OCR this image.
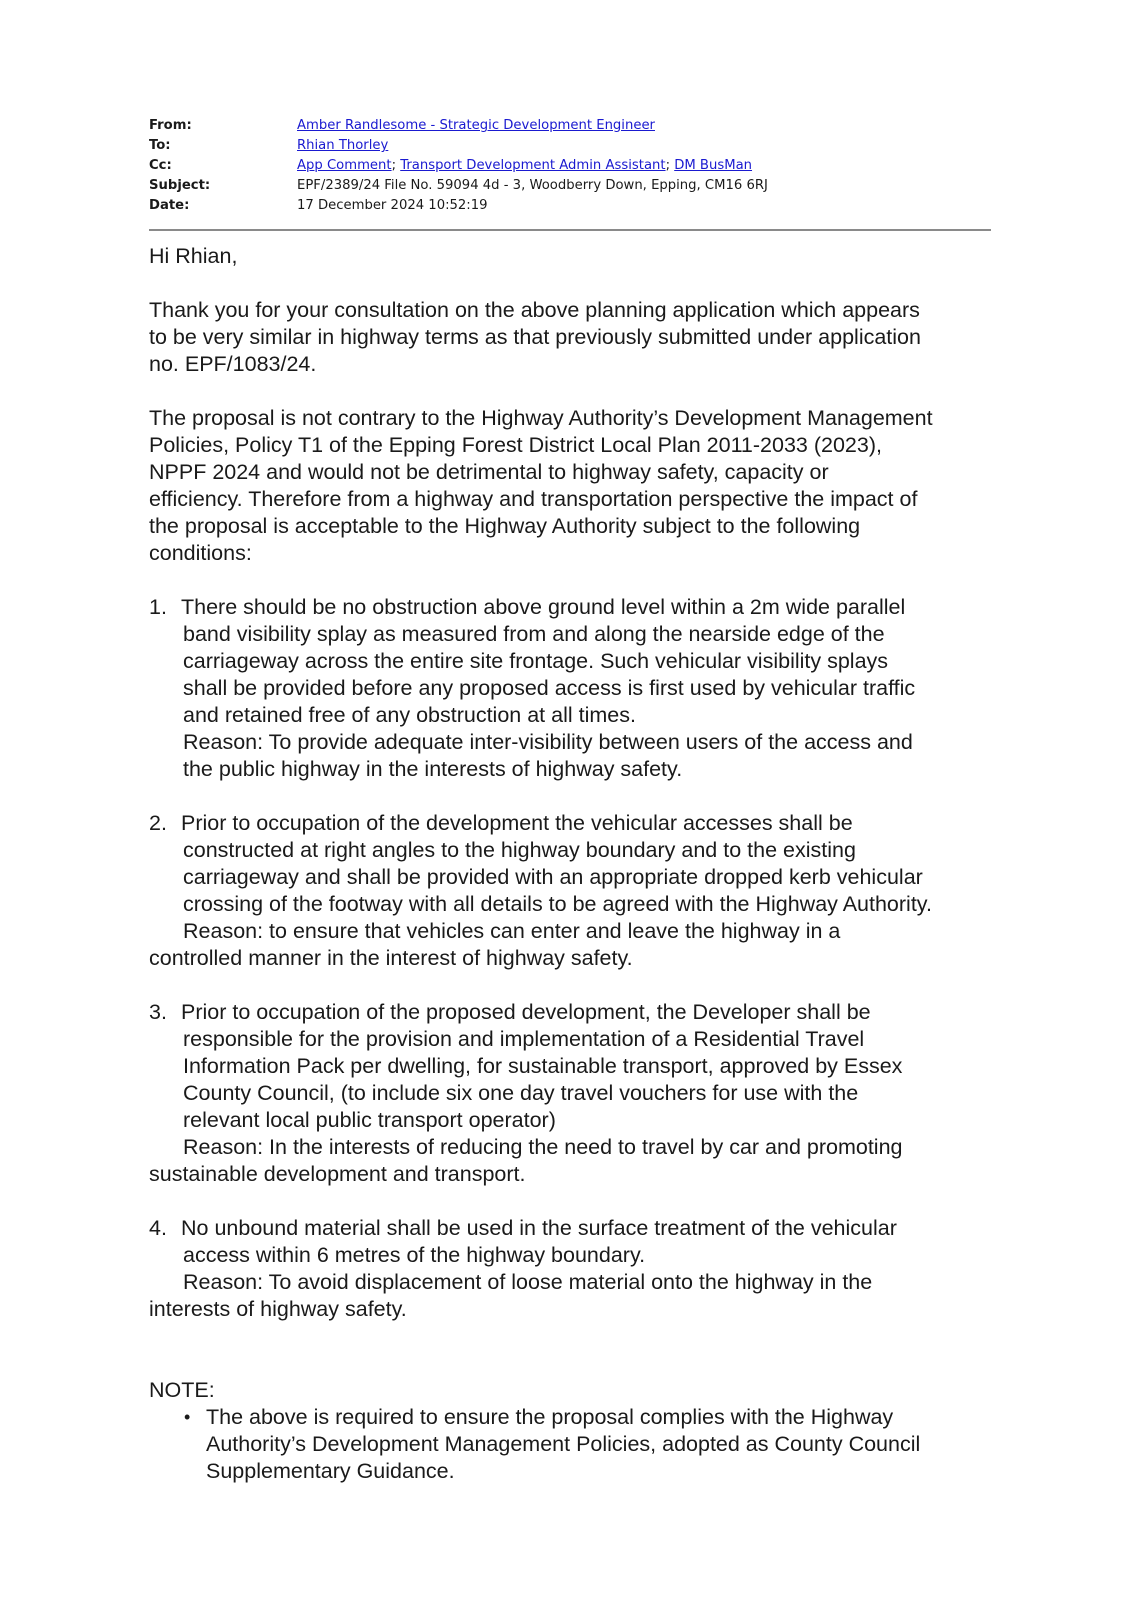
From:	Amber Randlesome - Strategic Development Engineer
To:	Rhian Thorley
Cc:	App Comment; Transport Development Admin Assistant; DM BusMan
Subject:	EPF/2389/24 File No. 59094 4d - 3, Woodberry Down, Epping, CM16 6RJ
Date:	17 December 2024 10:52:19

Hi Rhian,

Thank you for your consultation on the above planning application which appears
to be very similar in highway terms as that previously submitted under application
no. EPF/1083/24.
The proposal is not contrary to the Highway Authority’s Development Management
Policies, Policy T1 of the Epping Forest District Local Plan 2011-2033 (2023),
NPPF 2024 and would not be detrimental to highway safety, capacity or
efficiency. Therefore from a highway and transportation perspective the impact of
the proposal is acceptable to the Highway Authority subject to the following
conditions:
1. There should be no obstruction above ground level within a 2m wide parallel
band visibility splay as measured from and along the nearside edge of the
carriageway across the entire site frontage. Such vehicular visibility splays
shall be provided before any proposed access is first used by vehicular traffic
and retained free of any obstruction at all times.
Reason: To provide adequate inter-visibility between users of the access and
the public highway in the interests of highway safety.
2. Prior to occupation of the development the vehicular accesses shall be
constructed at right angles to the highway boundary and to the existing
carriageway and shall be provided with an appropriate dropped kerb vehicular
crossing of the footway with all details to be agreed with the Highway Authority.
Reason: to ensure that vehicles can enter and leave the highway in a
controlled manner in the interest of highway safety.
3. Prior to occupation of the proposed development, the Developer shall be
responsible for the provision and implementation of a Residential Travel
Information Pack per dwelling, for sustainable transport, approved by Essex
County Council, (to include six one day travel vouchers for use with the
relevant local public transport operator)
Reason: In the interests of reducing the need to travel by car and promoting
sustainable development and transport.
4. No unbound material shall be used in the surface treatment of the vehicular
access within 6 metres of the highway boundary.
Reason: To avoid displacement of loose material onto the highway in the
interests of highway safety.

NOTE:

• The above is required to ensure the proposal complies with the Highway
Authority’s Development Management Policies, adopted as County Council
Supplementary Guidance.
